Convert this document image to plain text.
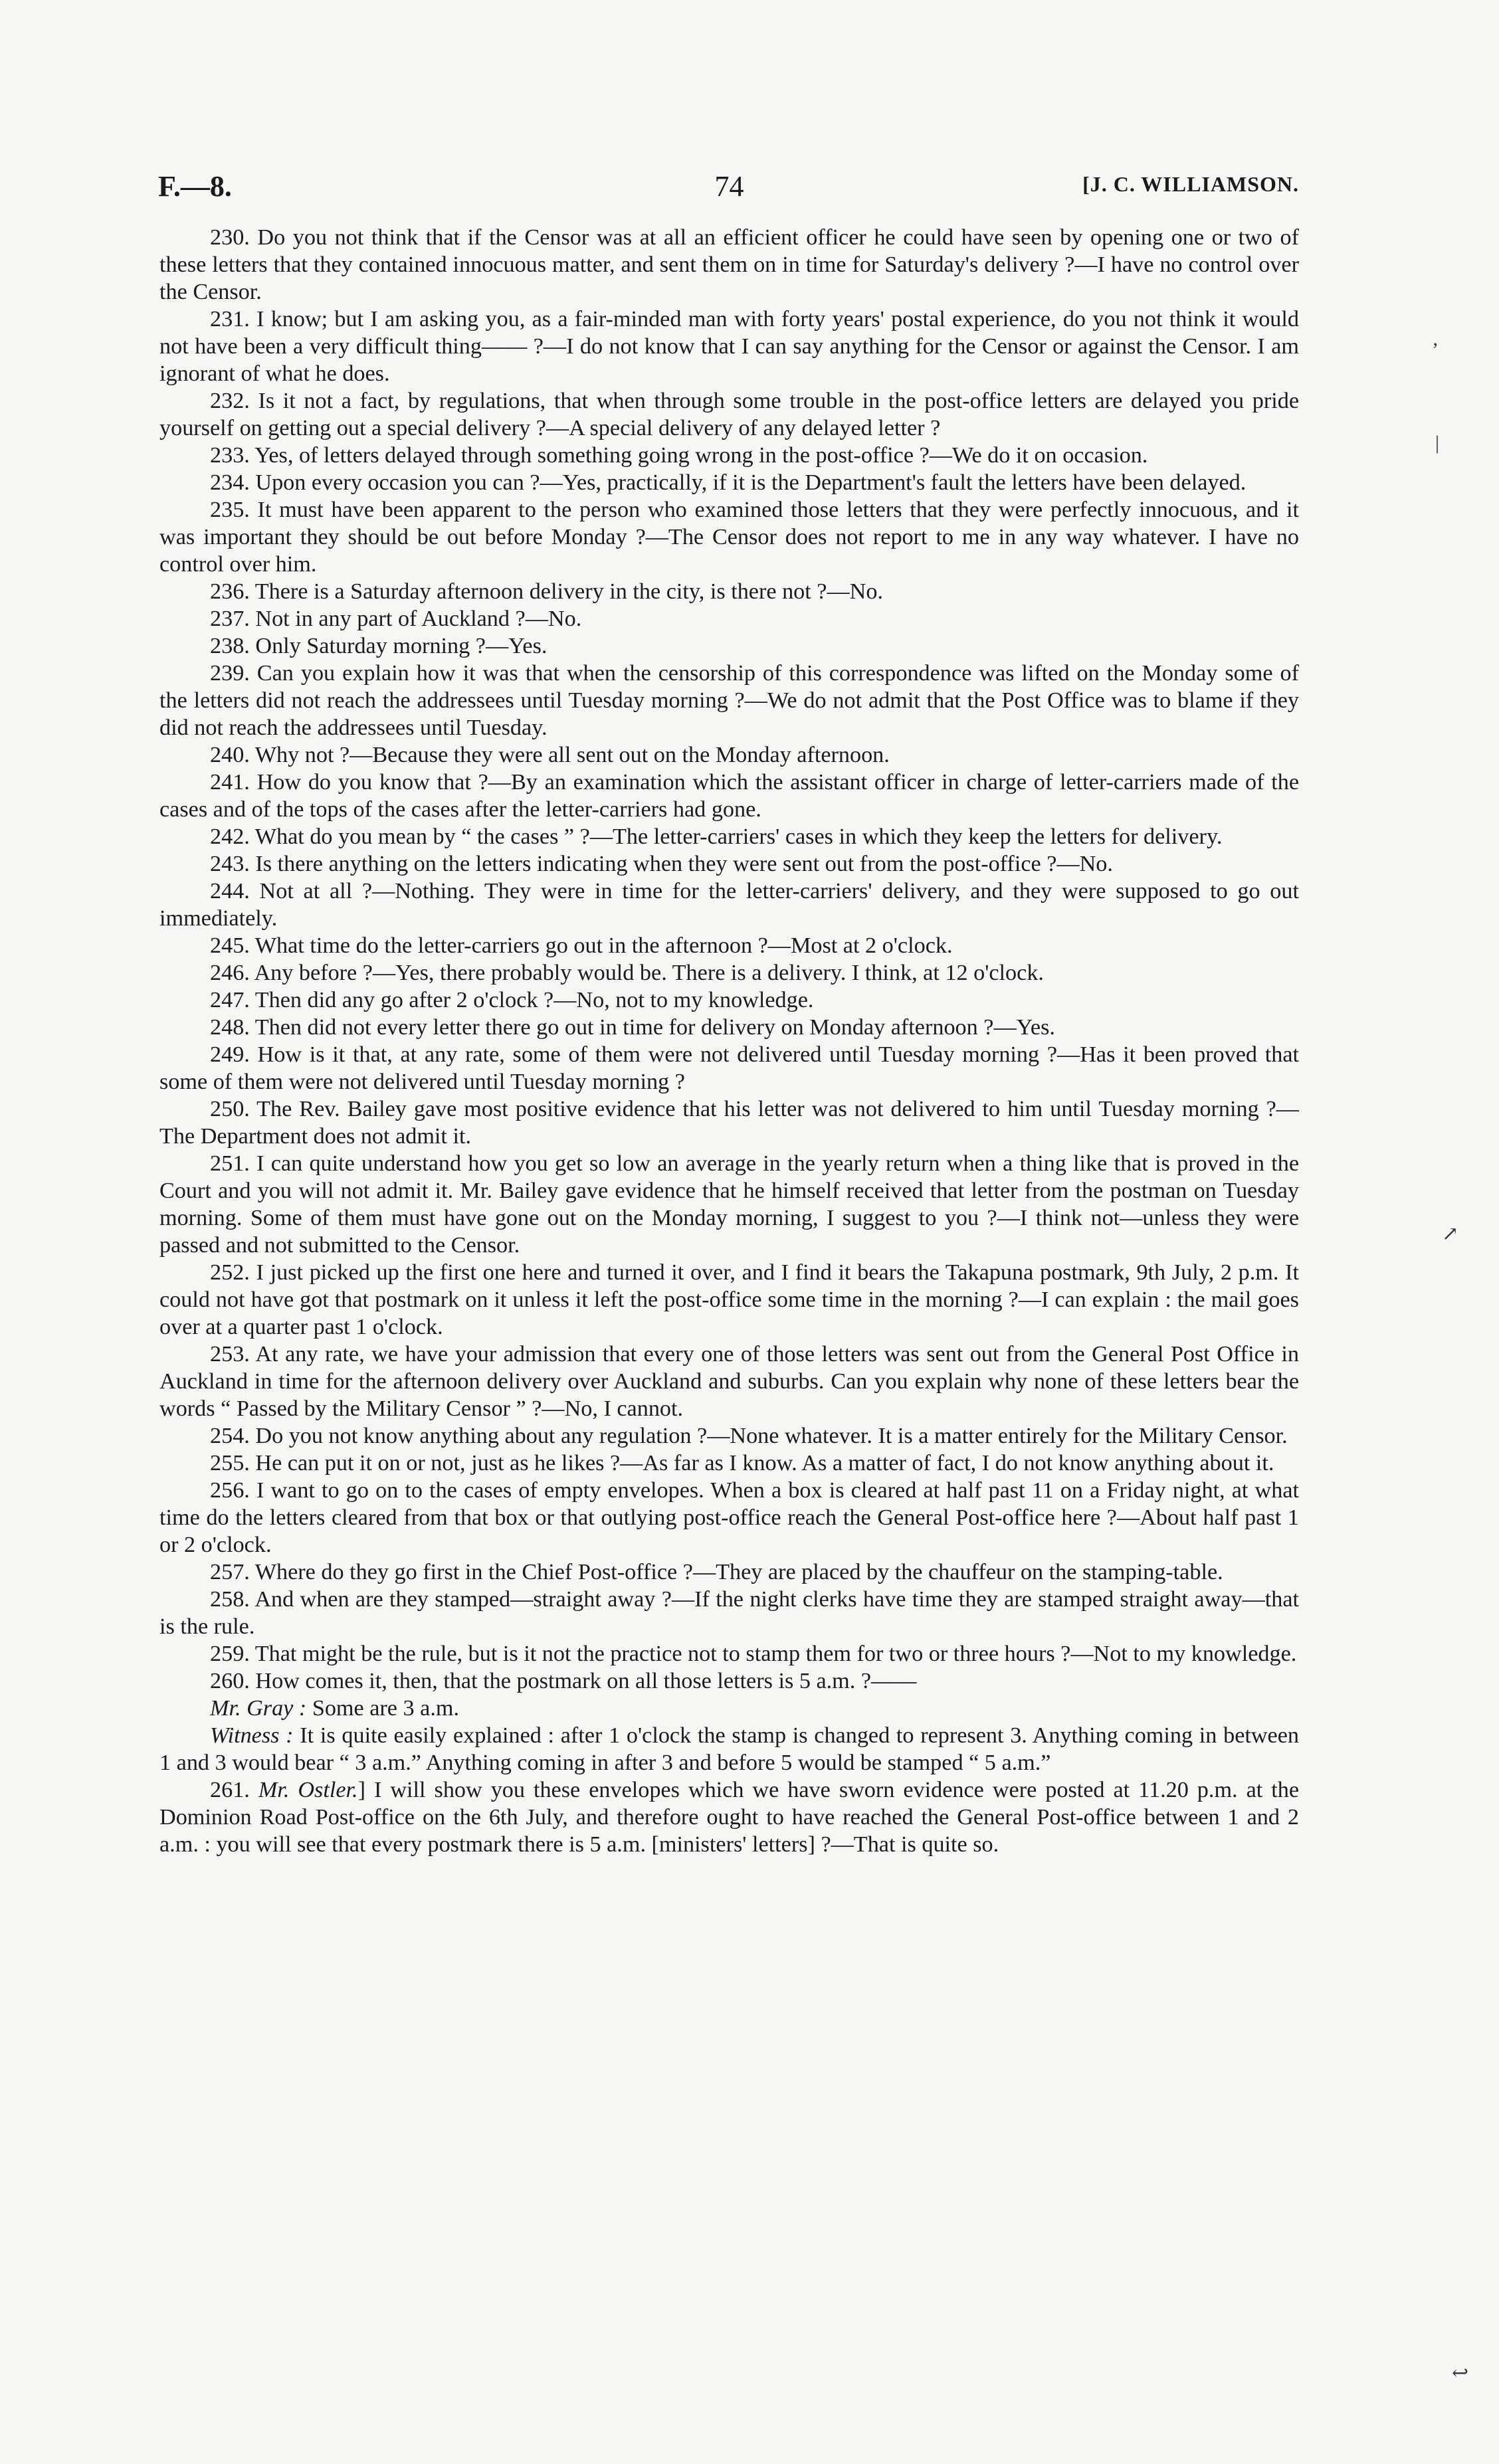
F.—8.	74	[J. C. WILLIAMSON.

230. Do you not think that if the Censor was at all an efficient officer he could have seen by opening one or two of these letters that they contained innocuous matter, and sent them on in time for Saturday's delivery ?—I have no control over the Censor.

231. I know; but I am asking you, as a fair-minded man with forty years' postal experience, do you not think it would not have been a very difficult thing—— ?—I do not know that I can say anything for the Censor or against the Censor. I am ignorant of what he does.

232. Is it not a fact, by regulations, that when through some trouble in the post-office letters are delayed you pride yourself on getting out a special delivery ?—A special delivery of any delayed letter ?

233. Yes, of letters delayed through something going wrong in the post-office ?—We do it on occasion.

234. Upon every occasion you can ?—Yes, practically, if it is the Department's fault the letters have been delayed.

235. It must have been apparent to the person who examined those letters that they were perfectly innocuous, and it was important they should be out before Monday ?—The Censor does not report to me in any way whatever. I have no control over him.

236. There is a Saturday afternoon delivery in the city, is there not ?—No.

237. Not in any part of Auckland ?—No.

238. Only Saturday morning ?—Yes.

239. Can you explain how it was that when the censorship of this correspondence was lifted on the Monday some of the letters did not reach the addressees until Tuesday morning ?—We do not admit that the Post Office was to blame if they did not reach the addressees until Tuesday.

240. Why not ?—Because they were all sent out on the Monday afternoon.

241. How do you know that ?—By an examination which the assistant officer in charge of letter-carriers made of the cases and of the tops of the cases after the letter-carriers had gone.

242. What do you mean by “ the cases ” ?—The letter-carriers' cases in which they keep the letters for delivery.

243. Is there anything on the letters indicating when they were sent out from the post-office ?—No.

244. Not at all ?—Nothing. They were in time for the letter-carriers' delivery, and they were supposed to go out immediately.

245. What time do the letter-carriers go out in the afternoon ?—Most at 2 o'clock.

246. Any before ?—Yes, there probably would be. There is a delivery. I think, at 12 o'clock.

247. Then did any go after 2 o'clock ?—No, not to my knowledge.

248. Then did not every letter there go out in time for delivery on Monday afternoon ?—Yes.

249. How is it that, at any rate, some of them were not delivered until Tuesday morning ?—Has it been proved that some of them were not delivered until Tuesday morning ?

250. The Rev. Bailey gave most positive evidence that his letter was not delivered to him until Tuesday morning ?—The Department does not admit it.

251. I can quite understand how you get so low an average in the yearly return when a thing like that is proved in the Court and you will not admit it. Mr. Bailey gave evidence that he himself received that letter from the postman on Tuesday morning. Some of them must have gone out on the Monday morning, I suggest to you ?—I think not—unless they were passed and not submitted to the Censor.

252. I just picked up the first one here and turned it over, and I find it bears the Takapuna postmark, 9th July, 2 p.m. It could not have got that postmark on it unless it left the post-office some time in the morning ?—I can explain : the mail goes over at a quarter past 1 o'clock.

253. At any rate, we have your admission that every one of those letters was sent out from the General Post Office in Auckland in time for the afternoon delivery over Auckland and suburbs. Can you explain why none of these letters bear the words “ Passed by the Military Censor ” ?—No, I cannot.

254. Do you not know anything about any regulation ?—None whatever. It is a matter entirely for the Military Censor.

255. He can put it on or not, just as he likes ?—As far as I know. As a matter of fact, I do not know anything about it.

256. I want to go on to the cases of empty envelopes. When a box is cleared at half past 11 on a Friday night, at what time do the letters cleared from that box or that outlying post-office reach the General Post-office here ?—About half past 1 or 2 o'clock.

257. Where do they go first in the Chief Post-office ?—They are placed by the chauffeur on the stamping-table.

258. And when are they stamped—straight away ?—If the night clerks have time they are stamped straight away—that is the rule.

259. That might be the rule, but is it not the practice not to stamp them for two or three hours ?—Not to my knowledge.

260. How comes it, then, that the postmark on all those letters is 5 a.m. ?——

Mr. Gray : Some are 3 a.m.

Witness : It is quite easily explained : after 1 o'clock the stamp is changed to represent 3. Anything coming in between 1 and 3 would bear “ 3 a.m.” Anything coming in after 3 and before 5 would be stamped “ 5 a.m.”

261. Mr. Ostler.] I will show you these envelopes which we have sworn evidence were posted at 11.20 p.m. at the Dominion Road Post-office on the 6th July, and therefore ought to have reached the General Post-office between 1 and 2 a.m. : you will see that every postmark there is 5 a.m. [ministers' letters] ?—That is quite so.

’
|
↗
↩
